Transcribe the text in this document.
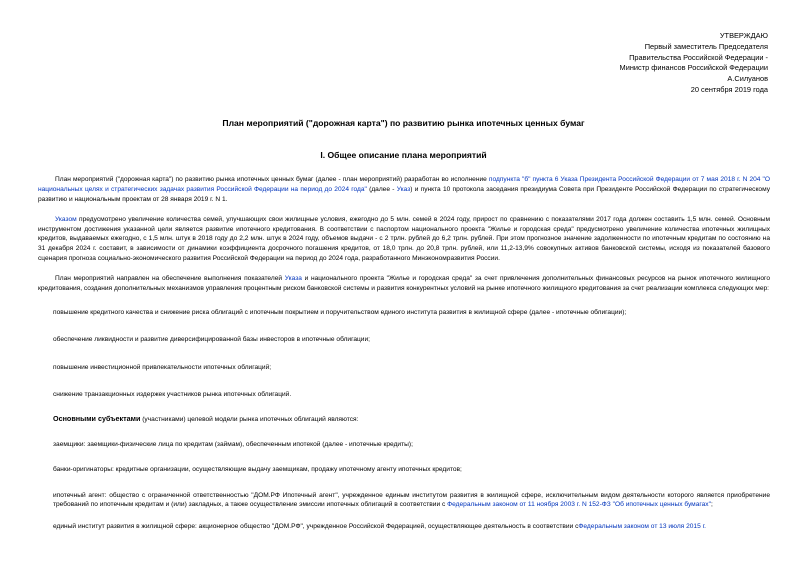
УТВЕРЖДАЮ
Первый заместитель Председателя
Правительства Российской Федерации -
Министр финансов Российской Федерации
А.Силуанов
20 сентября 2019 года
План мероприятий ("дорожная карта") по развитию рынка ипотечных ценных бумаг
I. Общее описание плана мероприятий

План мероприятий ("дорожная карта") по развитию рынка ипотечных ценных бумаг (далее - план мероприятий) разработан во исполнение подпункта "б" пункта 6 Указа Президента Российской Федерации от 7 мая 2018 г. N 204 "О национальных целях и стратегических задачах развития Российской Федерации на период до 2024 года" (далее - Указ) и пункта 10 протокола заседания президиума Совета при Президенте Российской Федерации по стратегическому развитию и национальным проектам от 28 января 2019 г. N 1.

Указом предусмотрено увеличение количества семей, улучшающих свои жилищные условия, ежегодно до 5 млн. семей в 2024 году, прирост по сравнению с показателями 2017 года должен составить 1,5 млн. семей. Основным инструментом достижения указанной цели является развитие ипотечного кредитования. В соответствии с паспортом национального проекта "Жилье и городская среда" предусмотрено увеличение количества ипотечных жилищных кредитов, выдаваемых ежегодно, с 1,5 млн. штук в 2018 году до 2,2 млн. штук в 2024 году, объемов выдачи - с 2 трлн. рублей до 6,2 трлн. рублей. При этом прогнозное значение задолженности по ипотечным кредитам по состоянию на 31 декабря 2024 г. составит, в зависимости от динамики коэффициента досрочного погашения кредитов, от 18,0 трлн. до 20,8 трлн. рублей, или 11,2-13,9% совокупных активов банковской системы, исходя из показателей базового сценария прогноза социально-экономического развития Российской Федерации на период до 2024 года, разработанного Минэкономразвития России.

План мероприятий направлен на обеспечение выполнения показателей Указа и национального проекта "Жилье и городская среда" за счет привлечения дополнительных финансовых ресурсов на рынок ипотечного жилищного кредитования, создания дополнительных механизмов управления процентным риском банковской системы и развития конкурентных условий на рынке ипотечного жилищного кредитования за счет реализации комплекса следующих мер:

повышение кредитного качества и снижение риска облигаций с ипотечным покрытием и поручительством единого института развития в жилищной сфере (далее - ипотечные облигации);

обеспечение ликвидности и развитие диверсифицированной базы инвесторов в ипотечные облигации;

повышение инвестиционной привлекательности ипотечных облигаций;

снижение транзакционных издержек участников рынка ипотечных облигаций.

Основными субъектами (участниками) целевой модели рынка ипотечных облигаций являются:

заемщики: заемщики-физические лица по кредитам (займам), обеспеченным ипотекой (далее - ипотечные кредиты);

банки-оригинаторы: кредитные организации, осуществляющие выдачу заемщикам, продажу ипотечному агенту ипотечных кредитов;

ипотечный агент: общество с ограниченной ответственностью "ДОМ.РФ Ипотечный агент", учрежденное единым институтом развития в жилищной сфере, исключительным видом деятельности которого является приобретение требований по ипотечным кредитам и (или) закладных, а также осуществление эмиссии ипотечных облигаций в соответствии с Федеральным законом от 11 ноября 2003 г. N 152-ФЗ "Об ипотечных ценных бумагах";

единый институт развития в жилищной сфере: акционерное общество "ДОМ.РФ", учрежденное Российской Федерацией, осуществляющее деятельность в соответствии сФедеральным законом от 13 июля 2015 г.
